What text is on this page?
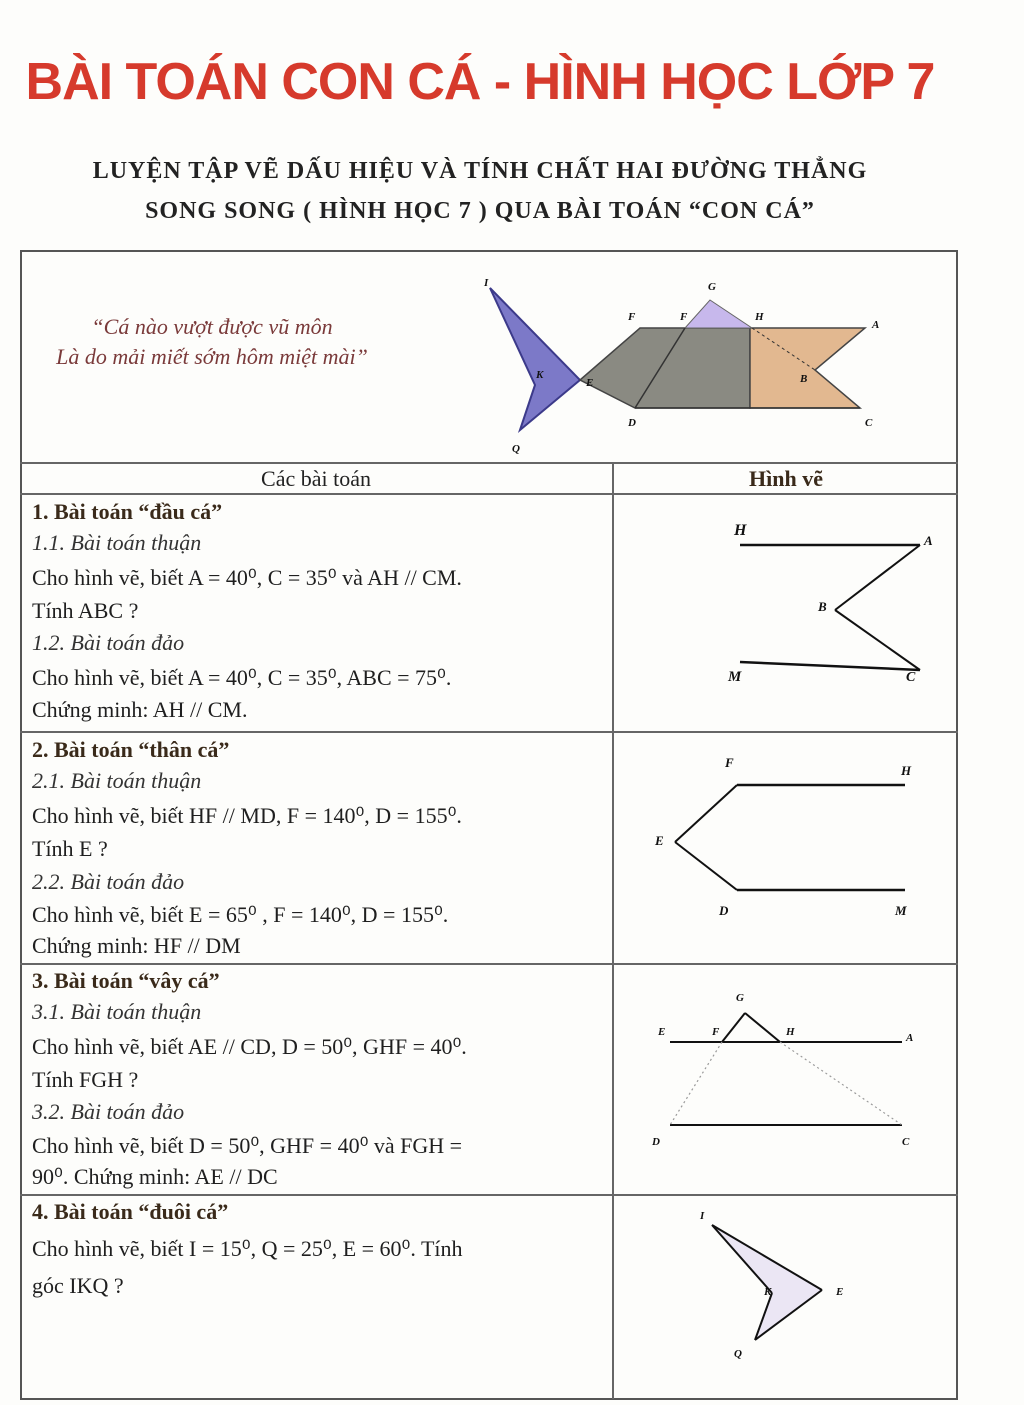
BÀI TOÁN CON CÁ - HÌNH HỌC LỚP 7
LUYỆN TẬP VẼ DẤU HIỆU VÀ TÍNH CHẤT HAI ĐƯỜNG THẲNG
SONG SONG ( HÌNH HỌC 7 ) QUA BÀI TOÁN “CON CÁ”
“Cá nào vượt được vũ môn
Là do mải miết sớm hôm miệt mài”
I	G
F	F	H
A
K
E	B
D	C
Q
Các bài toán	Hình vẽ
1. Bài toán “đầu cá”
1.1. Bài toán thuận
Cho hình vẽ, biết A = 40⁰, C = 35⁰ và AH // CM.
Tính ABC ?
1.2. Bài toán đảo
Cho hình vẽ, biết A = 40⁰, C = 35⁰, ABC = 75⁰.
Chứng minh: AH // CM.
2. Bài toán “thân cá”
2.1. Bài toán thuận
Cho hình vẽ, biết HF // MD, F = 140⁰, D = 155⁰.
Tính E ?
2.2. Bài toán đảo
Cho hình vẽ, biết E = 65⁰ , F = 140⁰, D = 155⁰.
Chứng minh: HF // DM
3. Bài toán “vây cá”
3.1. Bài toán thuận
Cho hình vẽ, biết AE // CD, D = 50⁰, GHF = 40⁰.
Tính FGH ?
3.2. Bài toán đảo
Cho hình vẽ, biết D = 50⁰, GHF = 40⁰ và FGH =
90⁰. Chứng minh: AE // DC
4. Bài toán “đuôi cá”
Cho hình vẽ, biết I = 15⁰, Q = 25⁰, E = 60⁰. Tính
góc IKQ ?
H
A
B
M	C
F
H
E
D	M
G
E	F	H	A
D	C
I
K	E
Q
